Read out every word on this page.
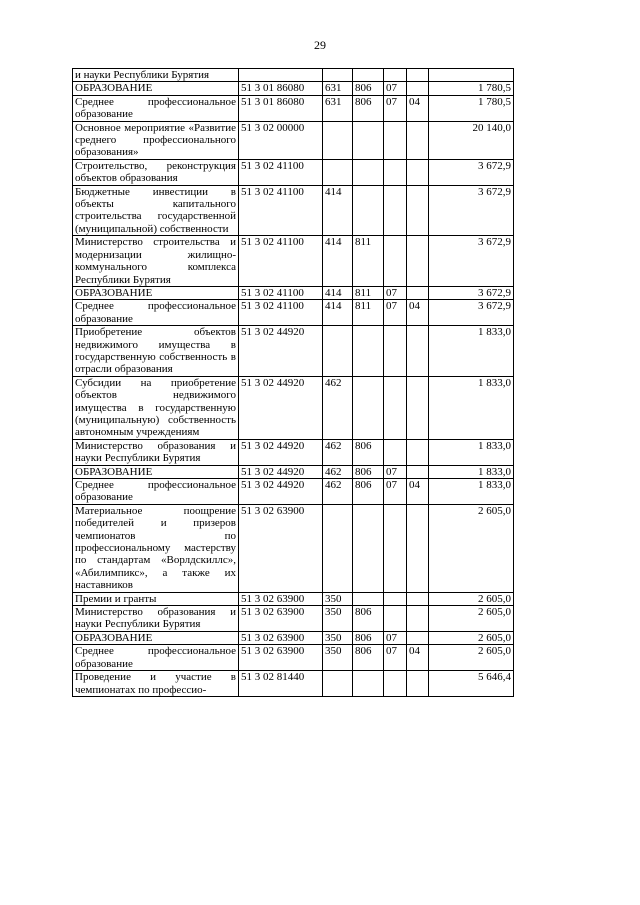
29
и науки Республики Бурятия						
ОБРАЗОВАНИЕ	51 3 01 86080	631	806	07		1 780,5
Среднее профессиональное образование	51 3 01 86080	631	806	07	04	1 780,5
Основное мероприятие «Развитие среднего профессионального образования»	51 3 02 00000					20 140,0
Строительство, реконструкция объектов образования	51 3 02 41100					3 672,9
Бюджетные инвестиции в объекты капитального строительства государственной (муниципальной) собственности	51 3 02 41100	414				3 672,9
Министерство строительства и модернизации жилищно-коммунального комплекса Республики Бурятия	51 3 02 41100	414	811			3 672,9
ОБРАЗОВАНИЕ	51 3 02 41100	414	811	07		3 672,9
Среднее профессиональное образование	51 3 02 41100	414	811	07	04	3 672,9
Приобретение объектов недвижимого имущества в государственную собственность в отрасли образования	51 3 02 44920					1 833,0
Субсидии на приобретение объектов недвижимого имущества в государственную (муниципальную) собственность автономным учреждениям	51 3 02 44920	462				1 833,0
Министерство образования и науки Республики Бурятия	51 3 02 44920	462	806			1 833,0
ОБРАЗОВАНИЕ	51 3 02 44920	462	806	07		1 833,0
Среднее профессиональное образование	51 3 02 44920	462	806	07	04	1 833,0
Материальное поощрение победителей и призеров чемпионатов по профессиональному мастерству по стандартам «Ворлдскиллс», «Абилимпикс», а также их наставников	51 3 02 63900					2 605,0
Премии и гранты	51 3 02 63900	350				2 605,0
Министерство образования и науки Республики Бурятия	51 3 02 63900	350	806			2 605,0
ОБРАЗОВАНИЕ	51 3 02 63900	350	806	07		2 605,0
Среднее профессиональное образование	51 3 02 63900	350	806	07	04	2 605,0
Проведение и участие в чемпионатах по профессио-	51 3 02 81440					5 646,4
